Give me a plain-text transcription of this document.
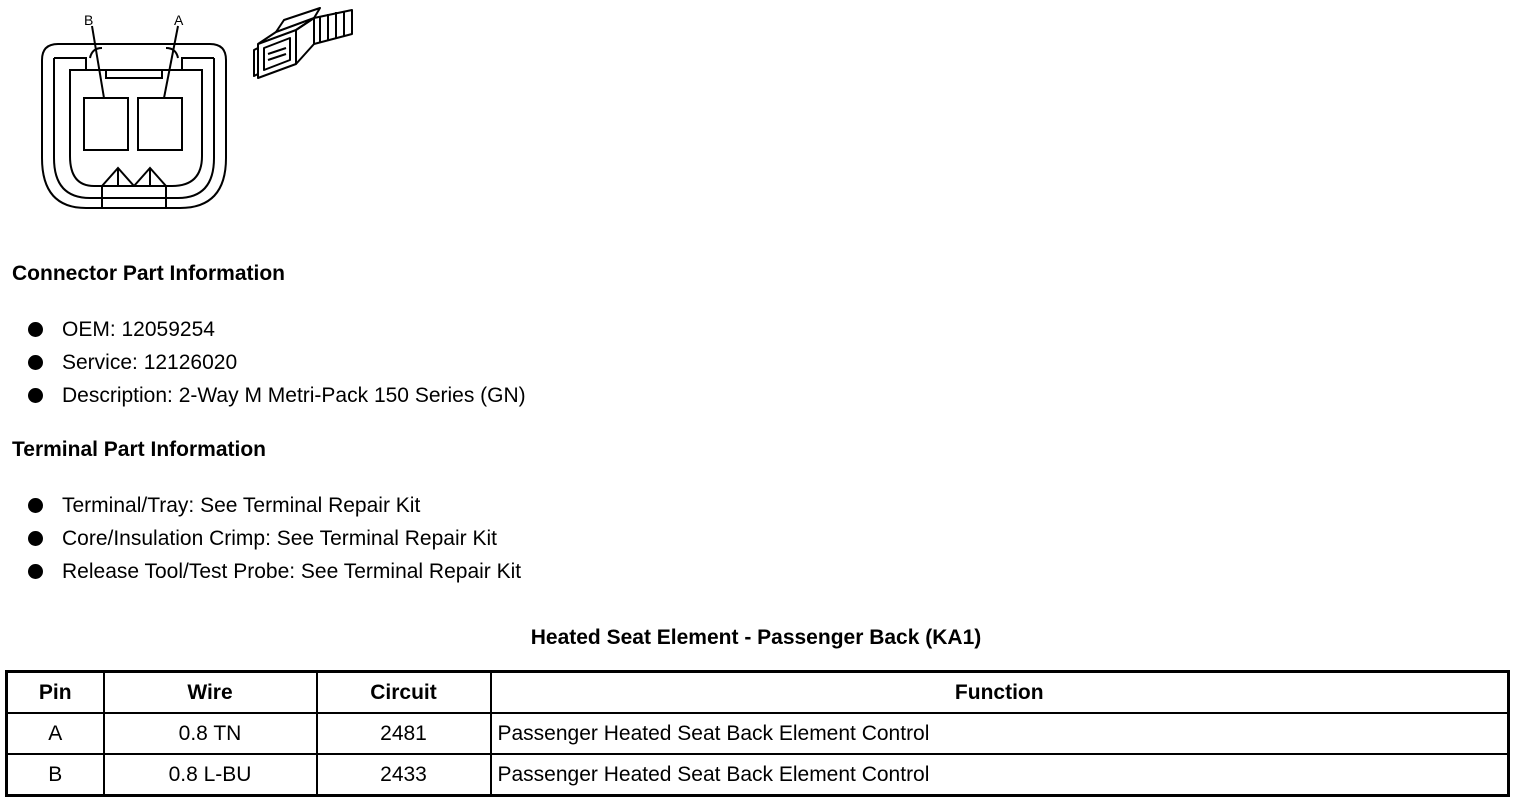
B	A
Connector Part Information
OEM: 12059254
Service: 12126020
Description: 2-Way M Metri-Pack 150 Series (GN)
Terminal Part Information
Terminal/Tray: See Terminal Repair Kit
Core/Insulation Crimp: See Terminal Repair Kit
Release Tool/Test Probe: See Terminal Repair Kit
Heated Seat Element - Passenger Back (KA1)
Pin	Wire	Circuit	Function
A	0.8 TN	2481	Passenger Heated Seat Back Element Control
B	0.8 L-BU	2433	Passenger Heated Seat Back Element Control
